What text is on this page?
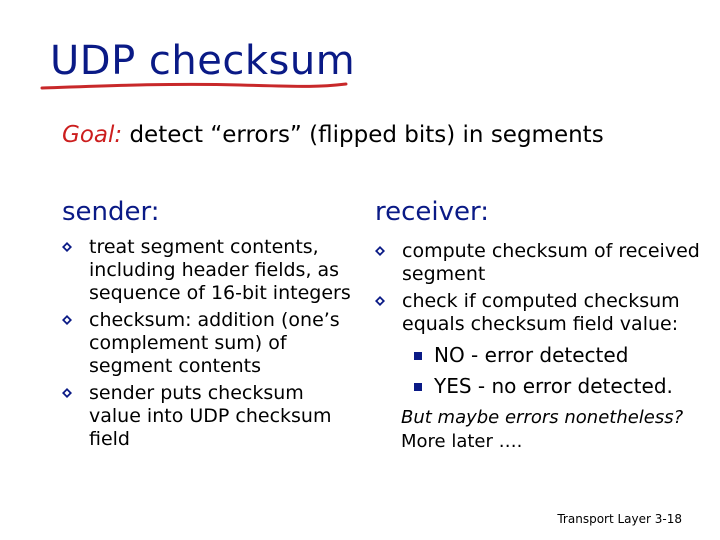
UDP checksum
Goal: detect “errors” (flipped bits) in segments
sender:
treat segment contents, including header fields, as sequence of 16-bit integers
checksum: addition (one’s complement sum) of segment contents
sender puts checksum value into UDP checksum field
receiver:
compute checksum of received segment
check if computed checksum equals checksum field value:
NO - error detected
YES - no error detected.
But maybe errors nonetheless? More later ….
Transport Layer 3-18
